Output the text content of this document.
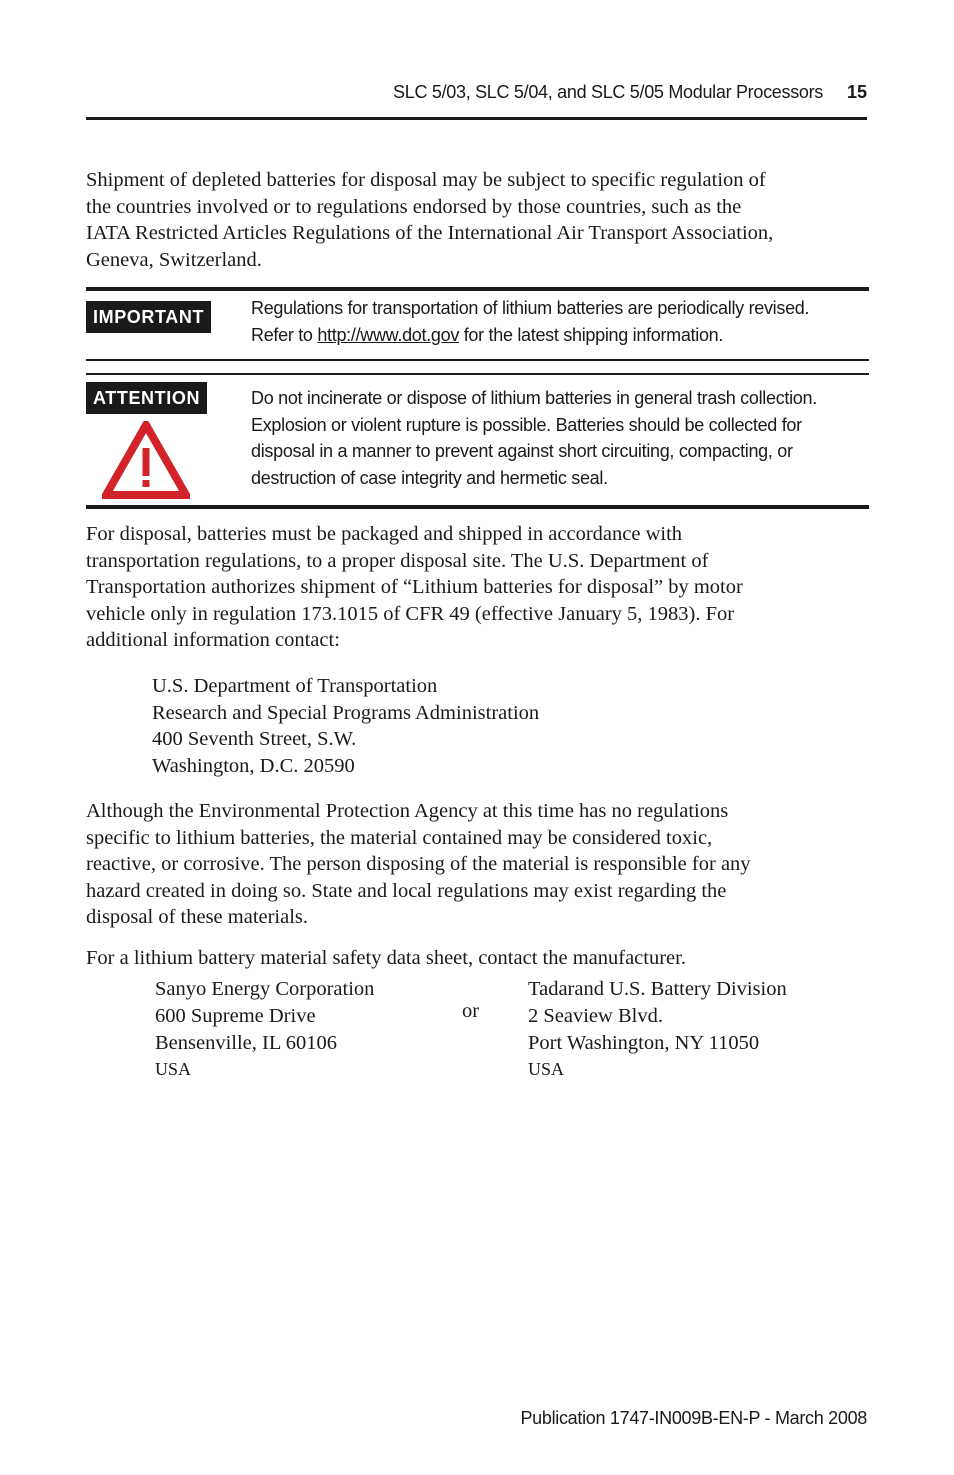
SLC 5/03, SLC 5/04, and SLC 5/05 Modular Processors 15
Shipment of depleted batteries for disposal may be subject to specific regulation of
the countries involved or to regulations endorsed by those countries, such as the
IATA Restricted Articles Regulations of the International Air Transport Association,
Geneva, Switzerland.
IMPORTANT	Regulations for transportation of lithium batteries are periodically revised.
Refer to http://www.dot.gov for the latest shipping information.
ATTENTION	Do not incinerate or dispose of lithium batteries in general trash collection.
Explosion or violent rupture is possible. Batteries should be collected for
disposal in a manner to prevent against short circuiting, compacting, or
destruction of case integrity and hermetic seal.
For disposal, batteries must be packaged and shipped in accordance with
transportation regulations, to a proper disposal site. The U.S. Department of
Transportation authorizes shipment of “Lithium batteries for disposal” by motor
vehicle only in regulation 173.1015 of CFR 49 (effective January 5, 1983). For
additional information contact:
U.S. Department of Transportation
Research and Special Programs Administration
400 Seventh Street, S.W.
Washington, D.C. 20590
Although the Environmental Protection Agency at this time has no regulations
specific to lithium batteries, the material contained may be considered toxic,
reactive, or corrosive. The person disposing of the material is responsible for any
hazard created in doing so. State and local regulations may exist regarding the
disposal of these materials.
For a lithium battery material safety data sheet, contact the manufacturer.
Sanyo Energy Corporation
600 Supreme Drive
Bensenville, IL 60106
USA
or
Tadarand U.S. Battery Division
2 Seaview Blvd.
Port Washington, NY 11050
USA
Publication 1747-IN009B-EN-P - March 2008
